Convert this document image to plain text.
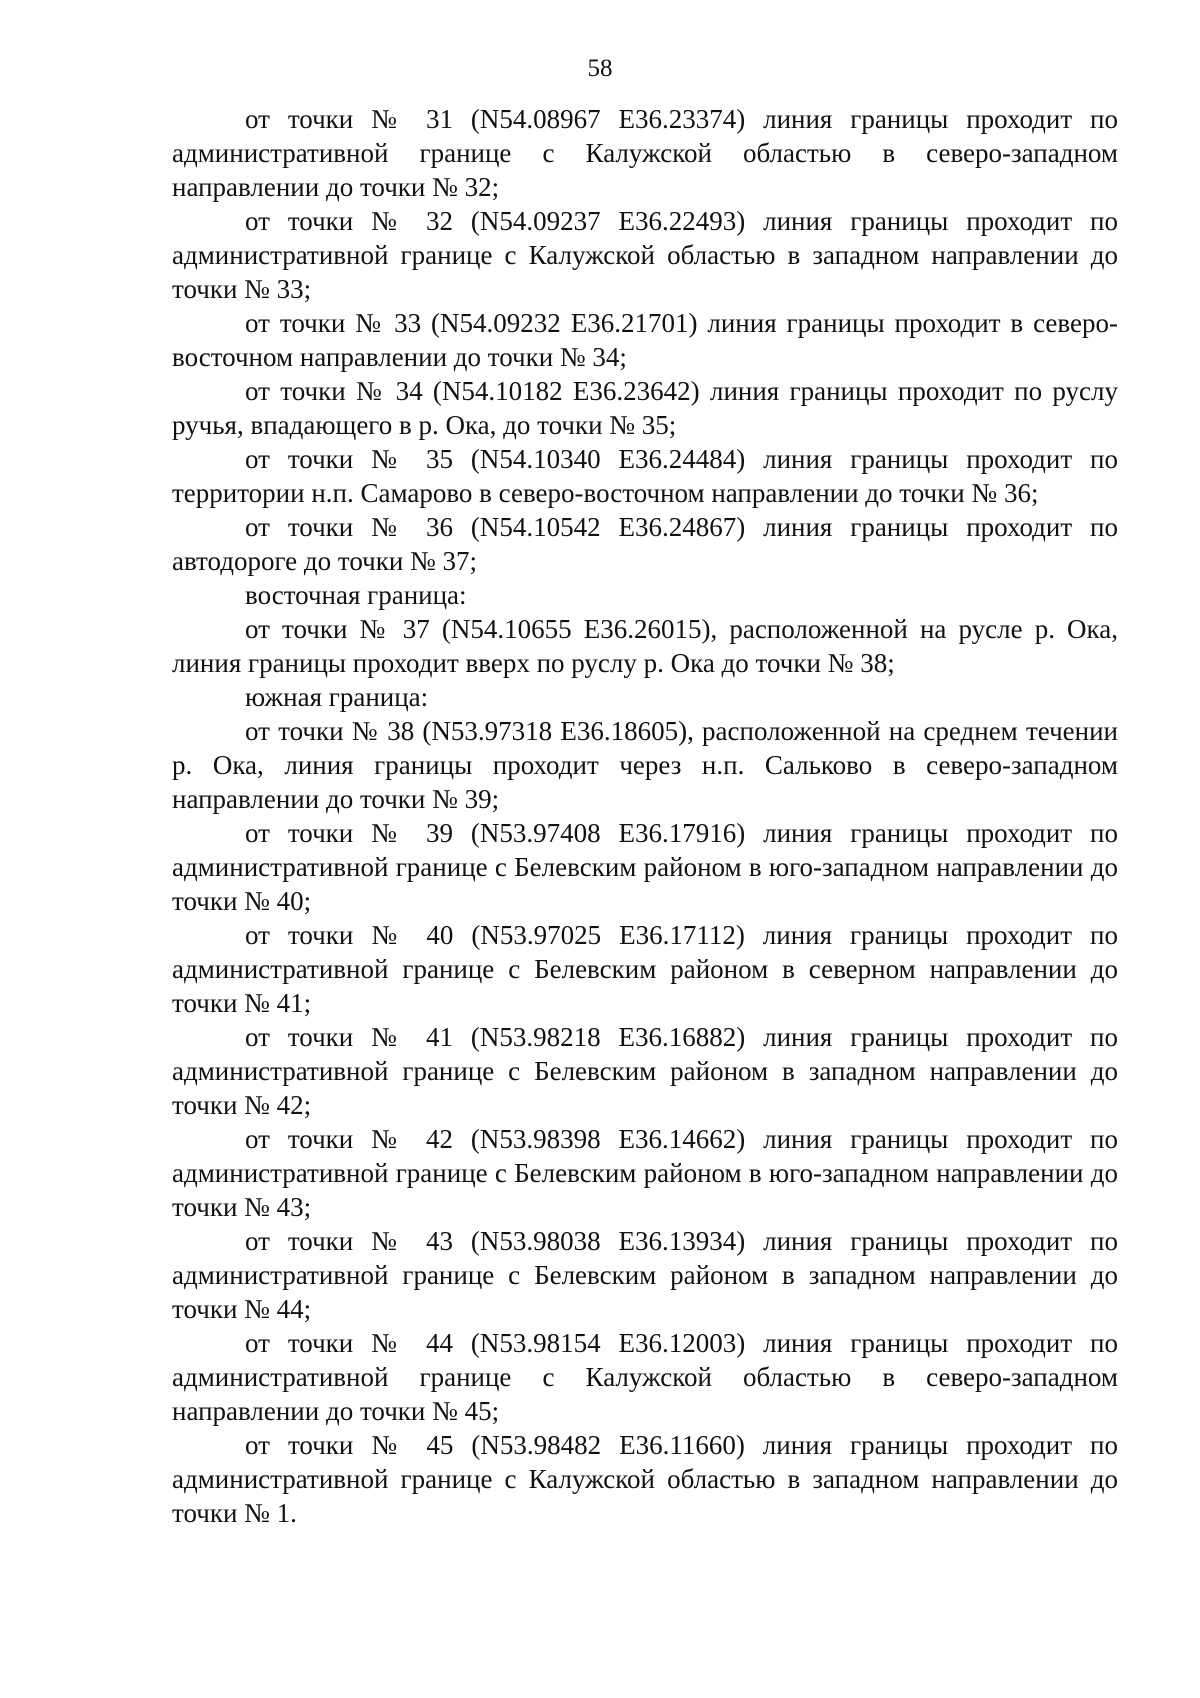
58

от точки № 31 (N54.08967 E36.23374) линия границы проходит по административной границе с Калужской областью в северо-западном направлении до точки № 32;

от точки № 32 (N54.09237 E36.22493) линия границы проходит по административной границе с Калужской областью в западном направлении до точки № 33;

от точки № 33 (N54.09232 E36.21701) линия границы проходит в северо-восточном направлении до точки № 34;

от точки № 34 (N54.10182 E36.23642) линия границы проходит по руслу ручья, впадающего в р. Ока, до точки № 35;

от точки № 35 (N54.10340 E36.24484) линия границы проходит по территории н.п. Самарово в северо-восточном направлении до точки № 36;

от точки № 36 (N54.10542 E36.24867) линия границы проходит по автодороге до точки № 37;

восточная граница:

от точки № 37 (N54.10655 E36.26015), расположенной на русле р. Ока, линия границы проходит вверх по руслу р. Ока до точки № 38;

южная граница:

от точки № 38 (N53.97318 E36.18605), расположенной на среднем течении р. Ока, линия границы проходит через н.п. Сальково в северо-западном направлении до точки № 39;

от точки № 39 (N53.97408 E36.17916) линия границы проходит по административной границе с Белевским районом в юго-западном направлении до точки № 40;

от точки № 40 (N53.97025 E36.17112) линия границы проходит по административной границе с Белевским районом в северном направлении до точки № 41;

от точки № 41 (N53.98218 E36.16882) линия границы проходит по административной границе с Белевским районом в западном направлении до точки № 42;

от точки № 42 (N53.98398 E36.14662) линия границы проходит по административной границе с Белевским районом в юго-западном направлении до точки № 43;

от точки № 43 (N53.98038 E36.13934) линия границы проходит по административной границе с Белевским районом в западном направлении до точки № 44;

от точки № 44 (N53.98154 E36.12003) линия границы проходит по административной границе с Калужской областью в северо-западном направлении до точки № 45;

от точки № 45 (N53.98482 E36.11660) линия границы проходит по административной границе с Калужской областью в западном направлении до точки № 1.
